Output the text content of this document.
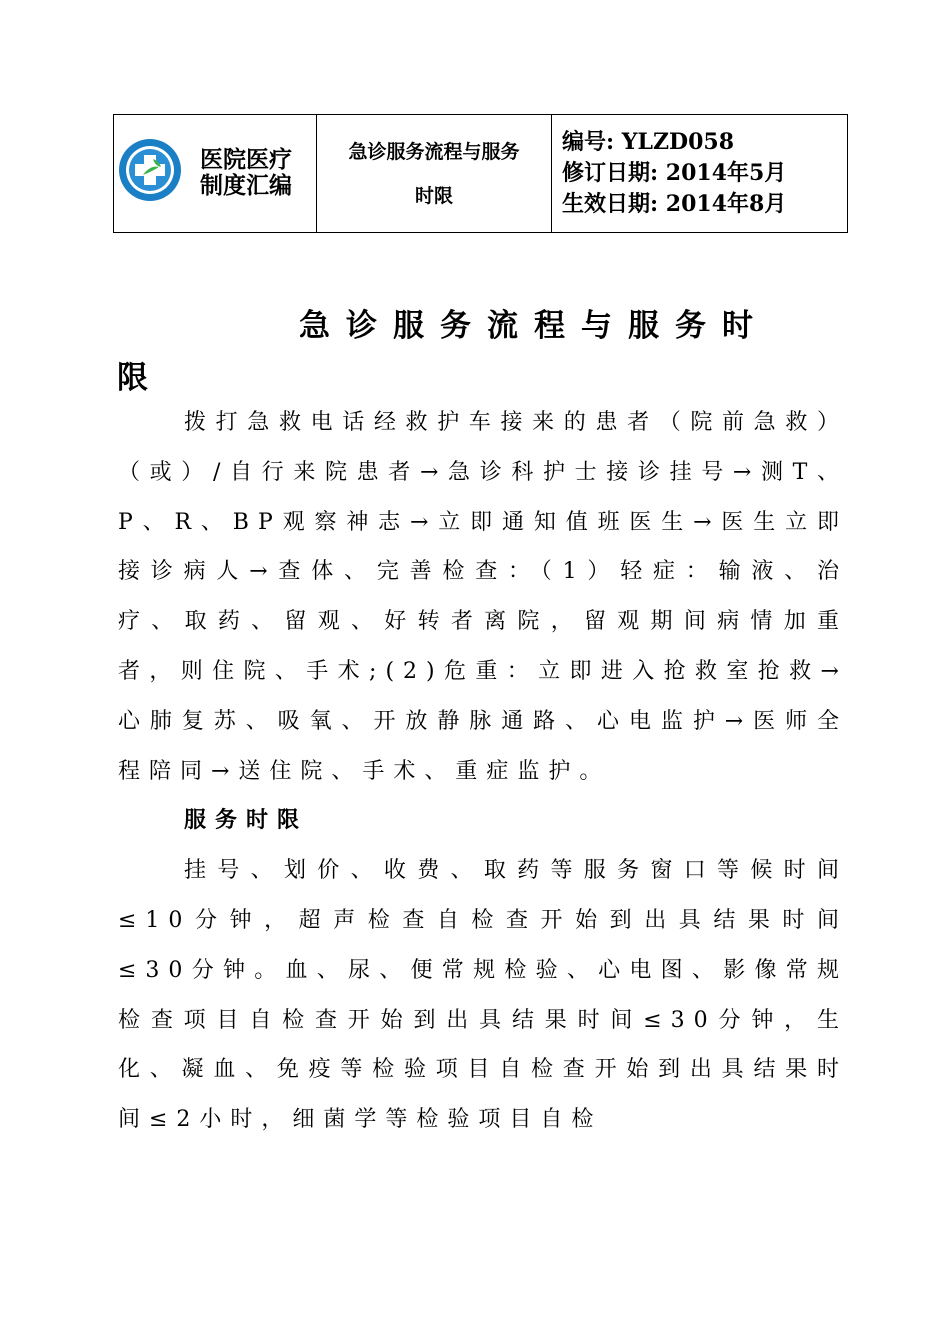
医院医疗
制度汇编

急诊服务流程与服务
时限

编号: YLZD058
修订日期: 2014年5月
生效日期: 2014年8月
急诊服务流程与服务时
限

拨打急救电话经救护车接来的患者（院前急救）（或）/自行来院患者→急诊科护士接诊挂号→测T、P、R、BP观察神志→立即通知值班医生→医生立即接诊病人→查体、完善检查：（1）轻症：输液、治疗、取药、留观、好转者离院，留观期间病情加重者，则住院、手术;(2)危重：立即进入抢救室抢救→心肺复苏、吸氧、开放静脉通路、心电监护→医师全程陪同→送住院、手术、重症监护。

服务时限

挂号、划价、收费、取药等服务窗口等候时间≤10分钟，超声检查自检查开始到出具结果时间≤30分钟。血、尿、便常规检验、心电图、影像常规检查项目自检查开始到出具结果时间≤30分钟，生化、凝血、免疫等检验项目自检查开始到出具结果时间≤2小时，细菌学等检验项目自检
